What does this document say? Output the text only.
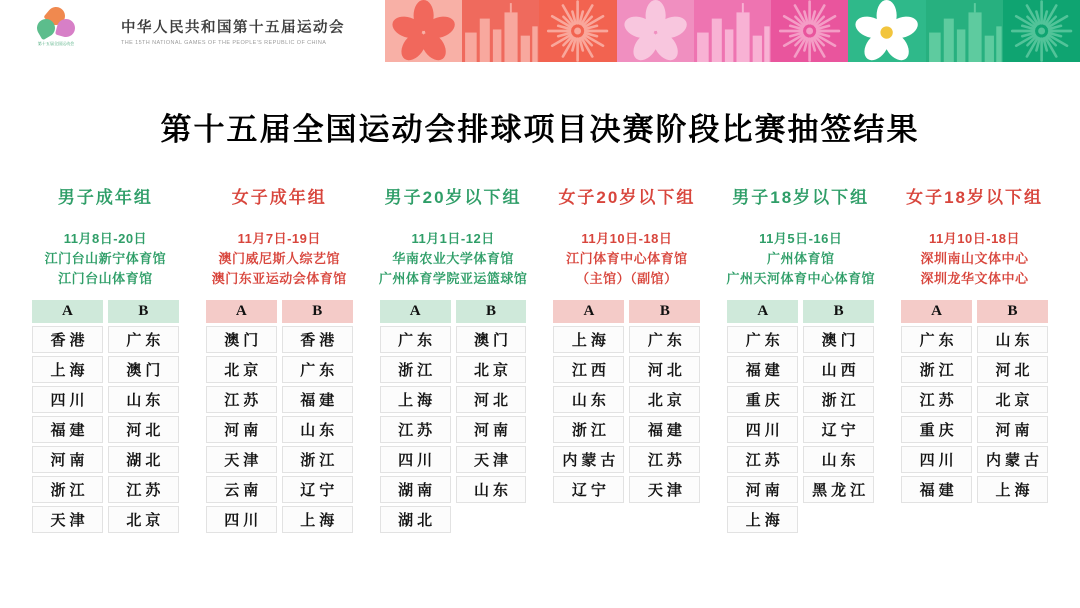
第十五届全国运动会
中华人民共和国第十五届运动会
THE 15TH NATIONAL GAMES OF THE PEOPLE'S REPUBLIC OF CHINA
第十五届全国运动会排球项目决赛阶段比赛抽签结果
男子成年组
11月8日-20日
江门台山新宁体育馆
江门台山体育馆
A	B
香港	广东
上海	澳门
四川	山东
福建	河北
河南	湖北
浙江	江苏
天津	北京
女子成年组
11月7日-19日
澳门威尼斯人综艺馆
澳门东亚运动会体育馆
A	B
澳门	香港
北京	广东
江苏	福建
河南	山东
天津	浙江
云南	辽宁
四川	上海
男子20岁以下组
11月1日-12日
华南农业大学体育馆
广州体育学院亚运篮球馆
A	B
广东	澳门
浙江	北京
上海	河北
江苏	河南
四川	天津
湖南	山东
湖北	
女子20岁以下组
11月10日-18日
江门体育中心体育馆
（主馆）（副馆）
A	B
上海	广东
江西	河北
山东	北京
浙江	福建
内蒙古	江苏
辽宁	天津
男子18岁以下组
11月5日-16日
广州体育馆
广州天河体育中心体育馆
A	B
广东	澳门
福建	山西
重庆	浙江
四川	辽宁
江苏	山东
河南	黑龙江
上海	
女子18岁以下组
11月10日-18日
深圳南山文体中心
深圳龙华文体中心
A	B
广东	山东
浙江	河北
江苏	北京
重庆	河南
四川	内蒙古
福建	上海
